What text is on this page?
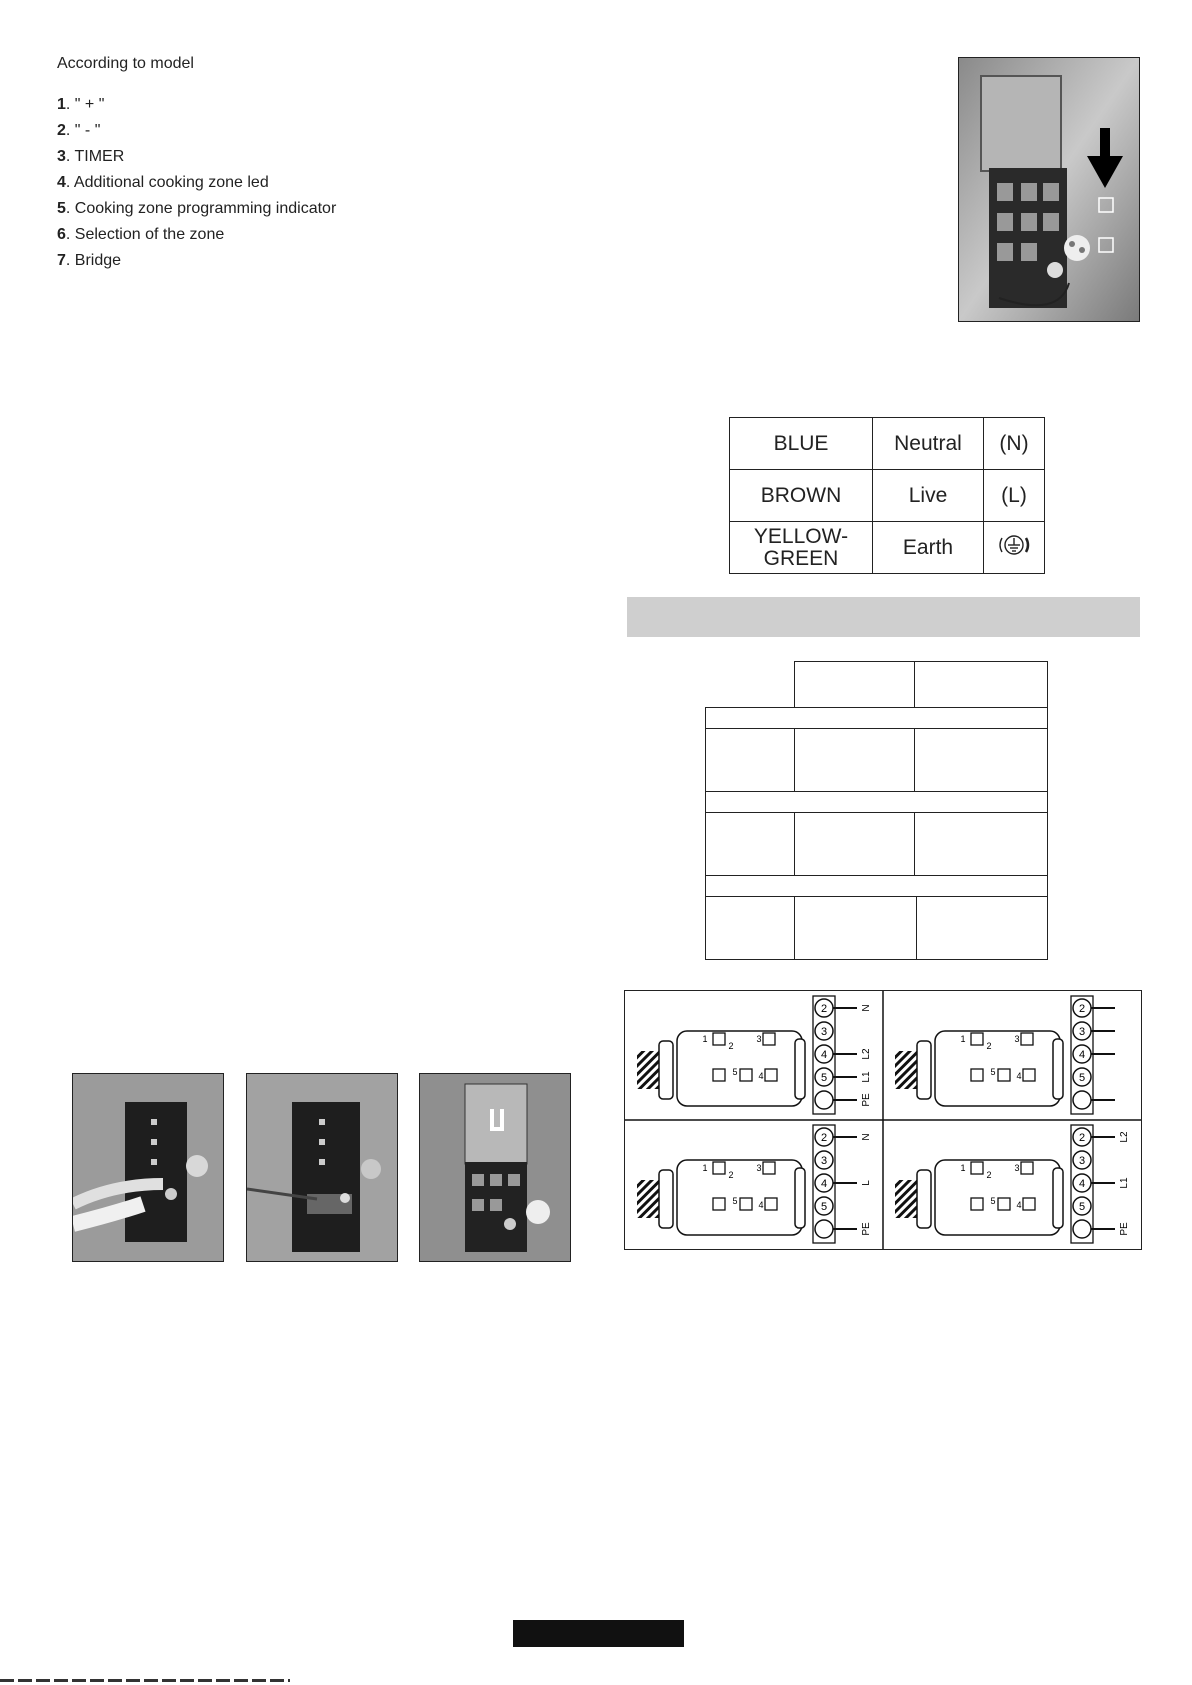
According to model
1. " + "
2. " - "
3. TIMER
4. Additional cooking zone led
5. Cooking zone programming indicator
6. Selection of the zone
7. Bridge
BLUE	Neutral	(N)
BROWN	Live	(L)

YELLOW-
GREEN	Earth	
N
L2
L1
PE
N
L
PE
L2
L1
PE
2
3
4
5
1
2
3
5 4
2
3
4
5
1
2
3
5 4
2
3
4
5
1
2
3
5 4
2
3
4
5
1
2
3
5 4
